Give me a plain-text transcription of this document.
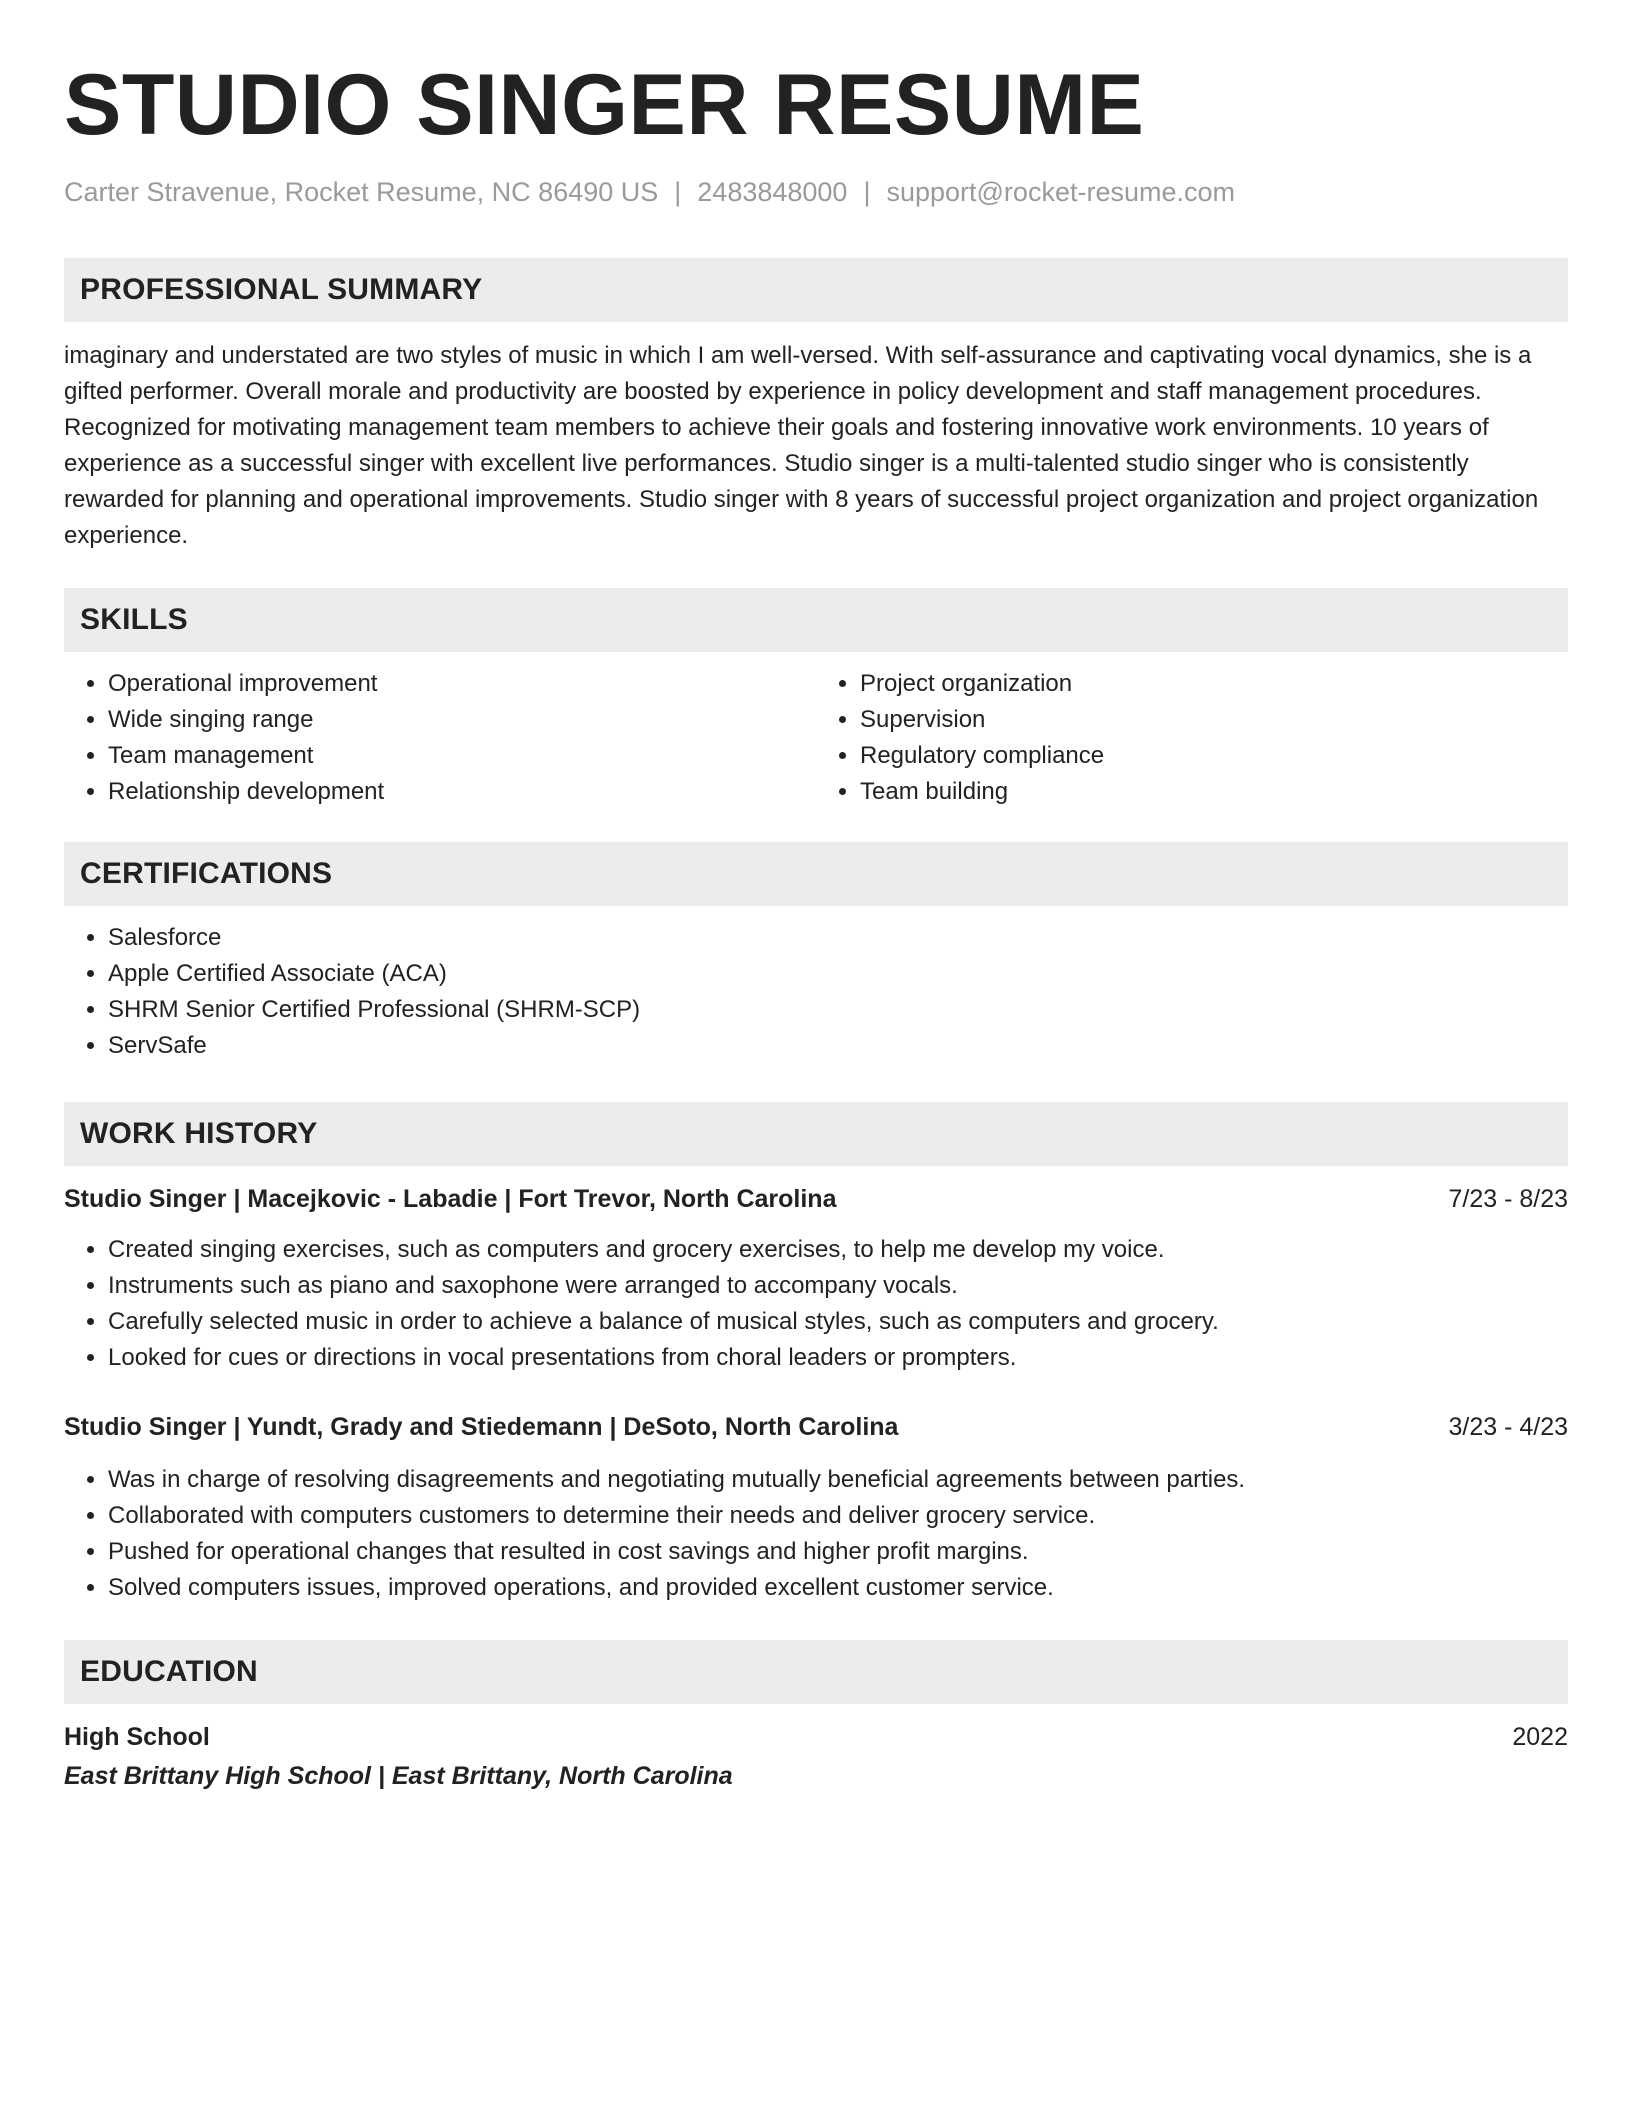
STUDIO SINGER RESUME
Carter Stravenue, Rocket Resume, NC 86490 US | 2483848000 | support@rocket-resume.com
PROFESSIONAL SUMMARY

imaginary and understated are two styles of music in which I am well-versed. With self-assurance and captivating vocal dynamics, she is a gifted performer. Overall morale and productivity are boosted by experience in policy development and staff management procedures. Recognized for motivating management team members to achieve their goals and fostering innovative work environments. 10 years of experience as a successful singer with excellent live performances. Studio singer is a multi-talented studio singer who is consistently rewarded for planning and operational improvements. Studio singer with 8 years of successful project organization and project organization experience.

SKILLS
• Operational improvement
• Wide singing range
• Team management
• Relationship development
• Project organization
• Supervision
• Regulatory compliance
• Team building
CERTIFICATIONS
• Salesforce
• Apple Certified Associate (ACA)
• SHRM Senior Certified Professional (SHRM-SCP)
• ServSafe
WORK HISTORY
Studio Singer | Macejkovic - Labadie | Fort Trevor, North Carolina	7/23 - 8/23
• Created singing exercises, such as computers and grocery exercises, to help me develop my voice.
• Instruments such as piano and saxophone were arranged to accompany vocals.
• Carefully selected music in order to achieve a balance of musical styles, such as computers and grocery.
• Looked for cues or directions in vocal presentations from choral leaders or prompters.
Studio Singer | Yundt, Grady and Stiedemann | DeSoto, North Carolina	3/23 - 4/23
• Was in charge of resolving disagreements and negotiating mutually beneficial agreements between parties.
• Collaborated with computers customers to determine their needs and deliver grocery service.
• Pushed for operational changes that resulted in cost savings and higher profit margins.
• Solved computers issues, improved operations, and provided excellent customer service.
EDUCATION
High School	2022
East Brittany High School | East Brittany, North Carolina
